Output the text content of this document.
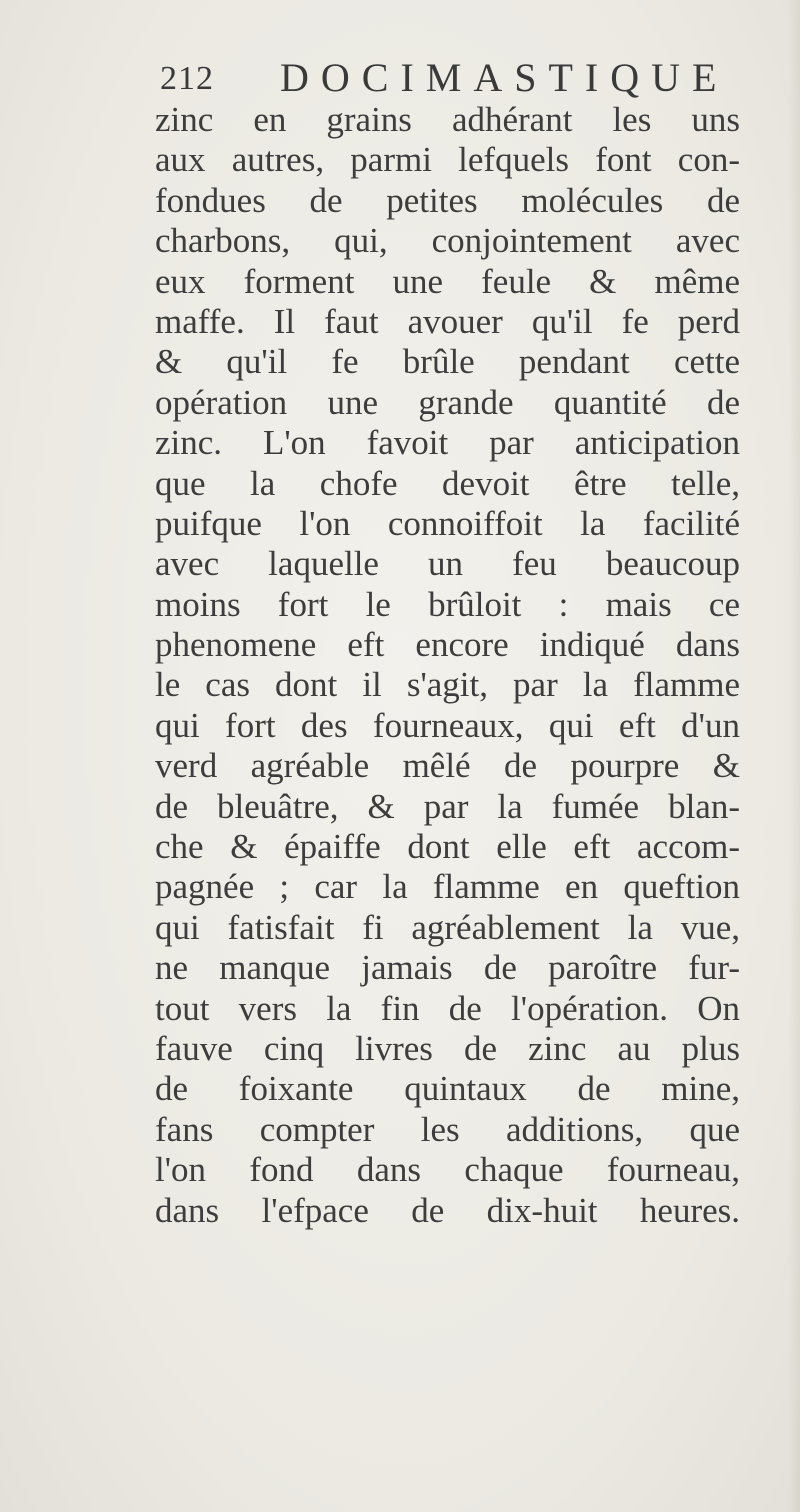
212 DOCIMASTIQUE
zinc en grains adhérant les uns
aux autres, parmi lefquels font con-
fondues de petites molécules de
charbons, qui, conjointement avec
eux forment une feule & même
maffe. Il faut avouer qu'il fe perd
& qu'il fe brûle pendant cette
opération une grande quantité de
zinc. L'on favoit par anticipation
que la chofe devoit être telle,
puifque l'on connoiffoit la facilité
avec laquelle un feu beaucoup
moins fort le brûloit : mais ce
phenomene eft encore indiqué dans
le cas dont il s'agit, par la flamme
qui fort des fourneaux, qui eft d'un
verd agréable mêlé de pourpre &
de bleuâtre, & par la fumée blan-
che & épaiffe dont elle eft accom-
pagnée ; car la flamme en queftion
qui fatisfait fi agréablement la vue,
ne manque jamais de paroître fur-
tout vers la fin de l'opération. On
fauve cinq livres de zinc au plus
de foixante quintaux de mine,
fans compter les additions, que
l'on fond dans chaque fourneau,
dans l'efpace de dix-huit heures.
